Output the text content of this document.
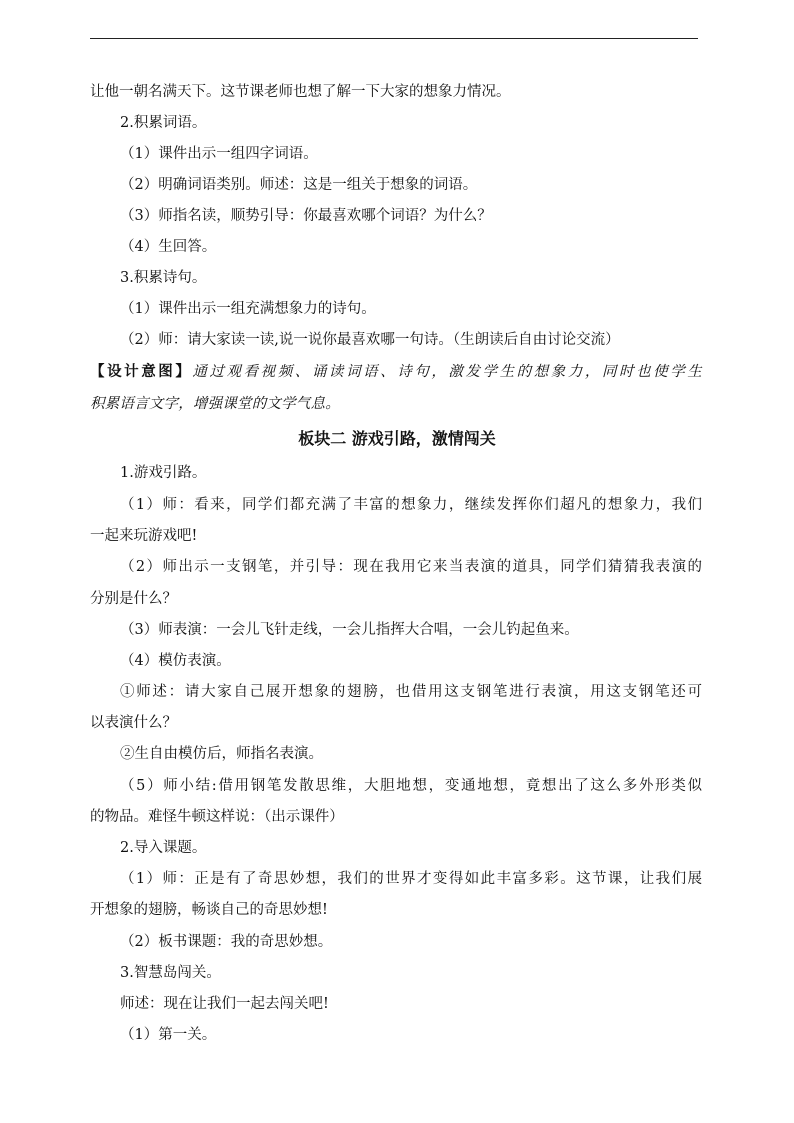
让他一朝名满天下。这节课老师也想了解一下大家的想象力情况。
2.积累词语。
（1）课件出示一组四字词语。
（2）明确词语类别。师述：这是一组关于想象的词语。
（3）师指名读，顺势引导：你最喜欢哪个词语？为什么？
（4）生回答。
3.积累诗句。
（1）课件出示一组充满想象力的诗句。
（2）师：请大家读一读,说一说你最喜欢哪一句诗。（生朗读后自由讨论交流）
【设计意图】通过观看视频、诵读词语、诗句，激发学生的想象力，同时也使学生
积累语言文字，增强课堂的文学气息。
板块二 游戏引路，激情闯关
1.游戏引路。
（1）师：看来，同学们都充满了丰富的想象力，继续发挥你们超凡的想象力，我们
一起来玩游戏吧!
（2）师出示一支钢笔，并引导：现在我用它来当表演的道具，同学们猜猜我表演的
分别是什么？
（3）师表演：一会儿飞针走线，一会儿指挥大合唱，一会儿钓起鱼来。
（4）模仿表演。
①师述：请大家自己展开想象的翅膀，也借用这支钢笔进行表演，用这支钢笔还可
以表演什么？
②生自由模仿后，师指名表演。
（5）师小结:借用钢笔发散思维，大胆地想，变通地想，竟想出了这么多外形类似
的物品。难怪牛顿这样说：（出示课件）
2.导入课题。
（1）师：正是有了奇思妙想，我们的世界才变得如此丰富多彩。这节课，让我们展
开想象的翅膀，畅谈自己的奇思妙想!
（2）板书课题：我的奇思妙想。
3.智慧岛闯关。
师述：现在让我们一起去闯关吧!
（1）第一关。
